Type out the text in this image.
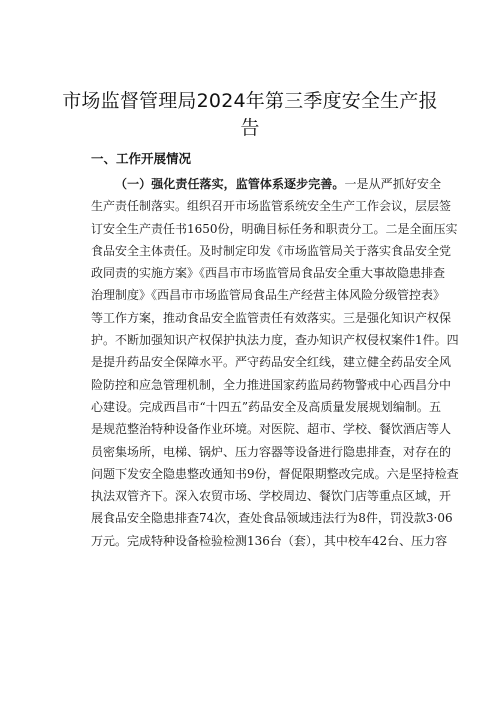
市场监督管理局2024年第三季度安全生产报告
一、工作开展情况
（一）强化责任落实，监管体系逐步完善。一是从严抓好安全
生产责任制落实。组织召开市场监管系统安全生产工作会议，层层签
订安全生产责任书1650份，明确目标任务和职责分工。二是全面压实
食品安全主体责任。及时制定印发《市场监管局关于落实食品安全党
政同责的实施方案》《西昌市市场监管局食品安全重大事故隐患排查
治理制度》《西昌市市场监管局食品生产经营主体风险分级管控表》
等工作方案，推动食品安全监管责任有效落实。三是强化知识产权保
护。不断加强知识产权保护执法力度，查办知识产权侵权案件1件。四
是提升药品安全保障水平。严守药品安全红线，建立健全药品安全风
险防控和应急管理机制，全力推进国家药监局药物警戒中心西昌分中
心建设。完成西昌市“十四五”药品安全及高质量发展规划编制。五
是规范整治特种设备作业环境。对医院、超市、学校、餐饮酒店等人
员密集场所，电梯、锅炉、压力容器等设备进行隐患排查，对存在的
问题下发安全隐患整改通知书9份，督促限期整改完成。六是坚持检查
执法双管齐下。深入农贸市场、学校周边、餐饮门店等重点区域，开
展食品安全隐患排查74次，查处食品领域违法行为8件，罚没款3·06
万元。完成特种设备检验检测136台（套），其中校车42台、压力容
